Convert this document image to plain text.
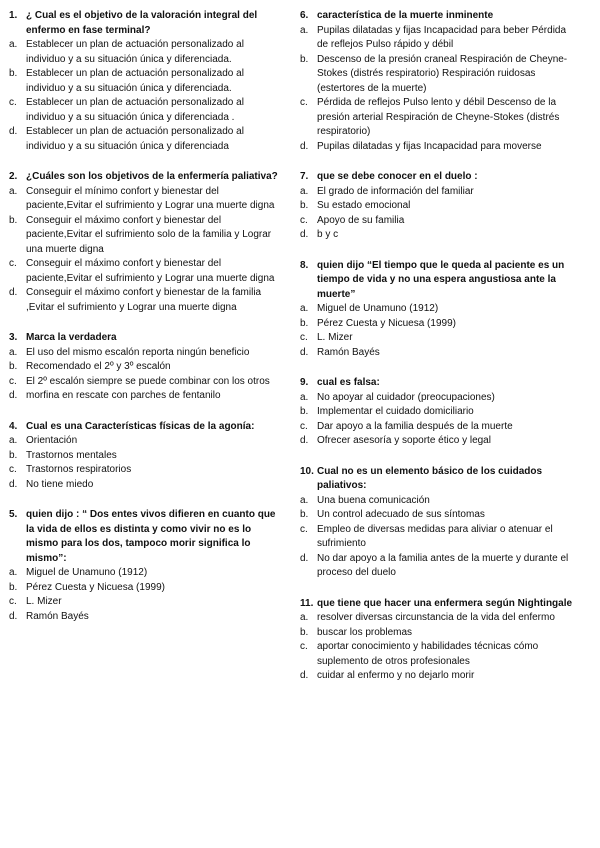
1. ¿ Cual es el objetivo de la valoración integral del enfermo en fase terminal?
a. Establecer un plan de actuación personalizado al individuo y a su situación única y diferenciada.
b. Establecer un plan de actuación personalizado al individuo y a su situación única y diferenciada.
c. Establecer un plan de actuación personalizado al individuo y a su situación única y diferenciada .
d. Establecer un plan de actuación personalizado al individuo y a su situación única y diferenciada
2. ¿Cuáles son los objetivos de la enfermería paliativa?
a. Conseguir el mínimo confort y bienestar del paciente,Evitar el sufrimiento y Lograr una muerte digna
b. Conseguir el máximo confort y bienestar del paciente,Evitar el sufrimiento solo de la familia y Lograr una muerte digna
c. Conseguir el máximo confort y bienestar del paciente,Evitar el sufrimiento y Lograr una muerte digna
d. Conseguir el máximo confort y bienestar de la familia ,Evitar el sufrimiento y Lograr una muerte digna
3. Marca la verdadera
a. El uso del mismo escalón reporta ningún beneficio
b. Recomendado el 2º y 3º escalón
c. El 2º escalón siempre se puede combinar con los otros
d. morfina en rescate con parches de fentanilo
4. Cual es una Características físicas de la agonía:
a. Orientación
b. Trastornos mentales
c. Trastornos respiratorios
d. No tiene miedo
5. quien dijo : “ Dos entes vivos difieren en cuanto que la vida de ellos es distinta y como vivir no es lo mismo para los dos, tampoco morir significa lo mismo”:
a. Miguel de Unamuno (1912)
b. Pérez Cuesta y Nicuesa (1999)
c. L. Mizer
d. Ramón Bayés
6. característica de la muerte inminente
a. Pupilas dilatadas y fijas Incapacidad para beber Pérdida de reflejos Pulso rápido y débil
b. Descenso de la presión craneal Respiración de Cheyne-Stokes (distrés respiratorio) Respiración ruidosas (estertores de la muerte)
c. Pérdida de reflejos Pulso lento y débil Descenso de la presión arterial Respiración de Cheyne-Stokes (distrés respiratorio)
d. Pupilas dilatadas y fijas Incapacidad para moverse
7. que se debe conocer en el duelo :
a. El grado de información del familiar
b. Su estado emocional
c. Apoyo de su familia
d. b y c
8. quien dijo “El tiempo que le queda al paciente es un tiempo de vida y no una espera angustiosa ante la muerte”
a. Miguel de Unamuno (1912)
b. Pérez Cuesta y Nicuesa (1999)
c. L. Mizer
d. Ramón Bayés
9. cual es falsa:
a. No apoyar al cuidador (preocupaciones)
b. Implementar el cuidado domiciliario
c. Dar apoyo a la familia después de la muerte
d. Ofrecer asesoría y soporte ético y legal
10. Cual no es un elemento básico de los cuidados paliativos:
a. Una buena comunicación
b. Un control adecuado de sus síntomas
c. Empleo de diversas medidas para aliviar o atenuar el sufrimiento
d. No dar apoyo a la familia antes de la muerte y durante el proceso del duelo
11. que tiene que hacer una enfermera según Nightingale
a. resolver diversas circunstancia de la vida del enfermo
b. buscar los problemas
c. aportar conocimiento y habilidades técnicas cómo suplemento de otros profesionales
d. cuidar al enfermo y no dejarlo morir
